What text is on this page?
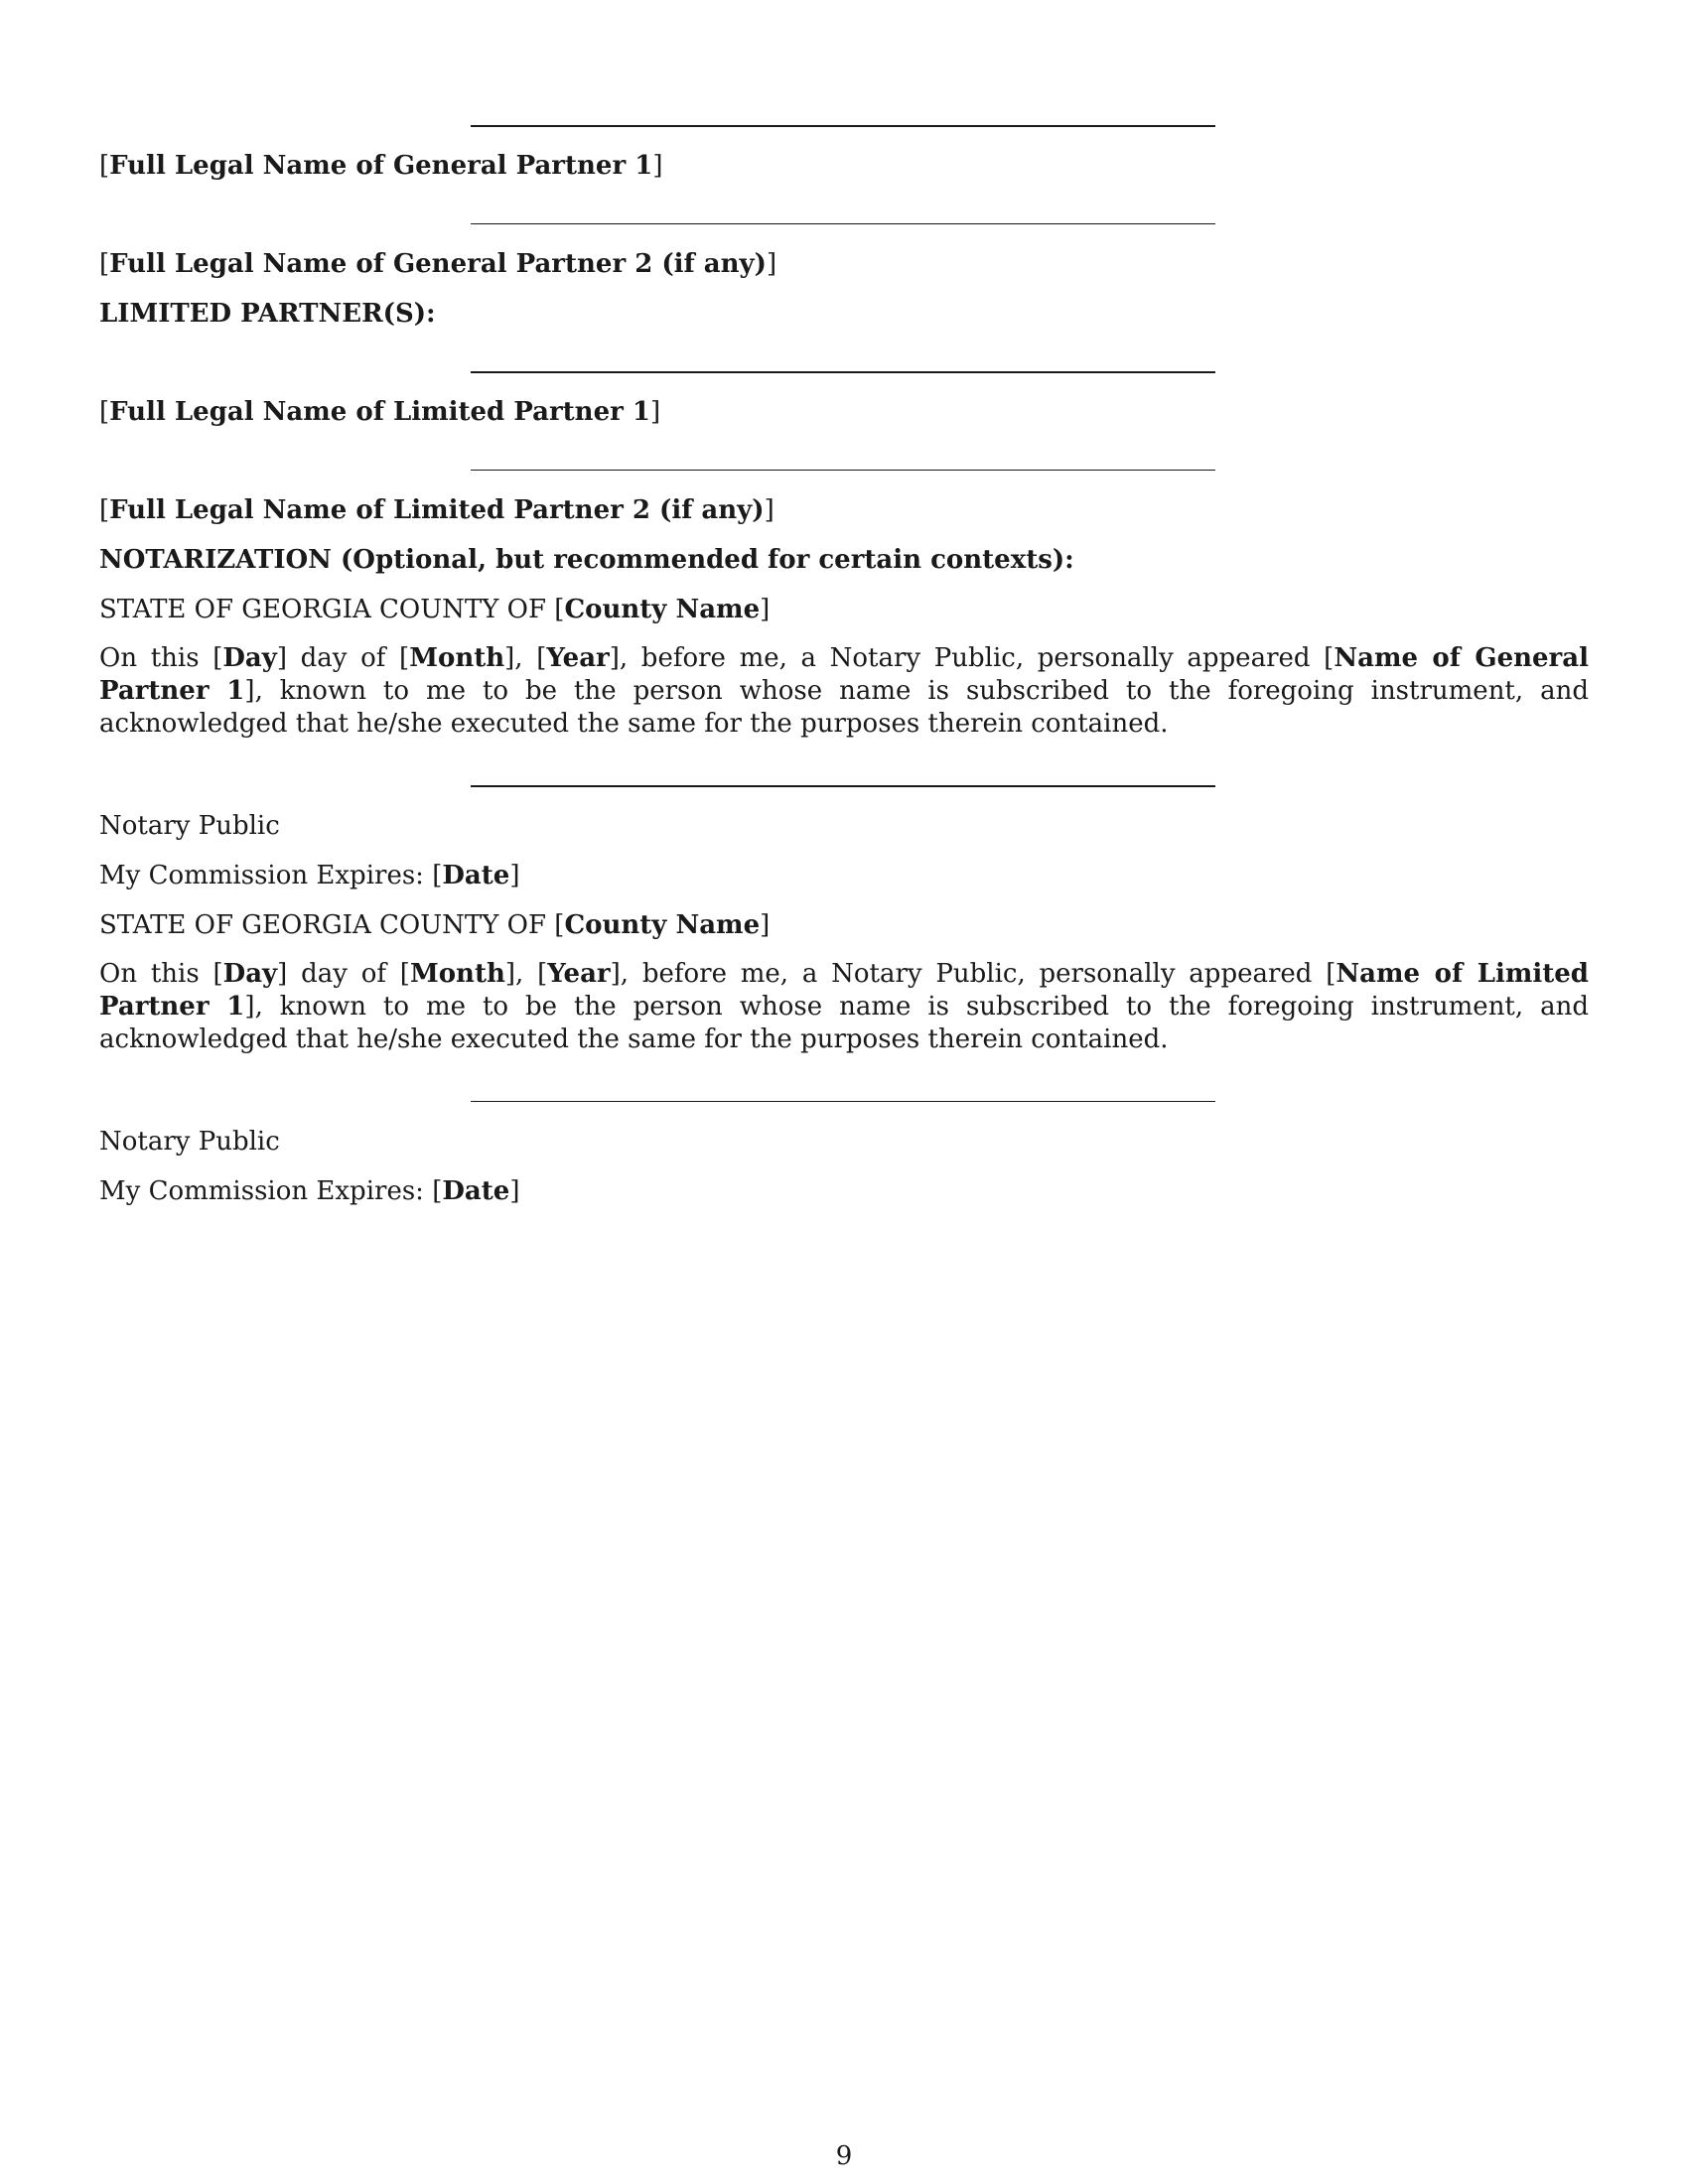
[Full Legal Name of General Partner 1]
[Full Legal Name of General Partner 2 (if any)]
LIMITED PARTNER(S):
[Full Legal Name of Limited Partner 1]
[Full Legal Name of Limited Partner 2 (if any)]
NOTARIZATION (Optional, but recommended for certain contexts):
STATE OF GEORGIA COUNTY OF [County Name]
On this [Day] day of [Month], [Year], before me, a Notary Public, personally appeared [Name of General Partner 1], known to me to be the person whose name is subscribed to the foregoing instrument, and acknowledged that he/she executed the same for the purposes therein contained.
Notary Public
My Commission Expires: [Date]
STATE OF GEORGIA COUNTY OF [County Name]
On this [Day] day of [Month], [Year], before me, a Notary Public, personally appeared [Name of Limited Partner 1], known to me to be the person whose name is subscribed to the foregoing instrument, and acknowledged that he/she executed the same for the purposes therein contained.
Notary Public
My Commission Expires: [Date]
9
